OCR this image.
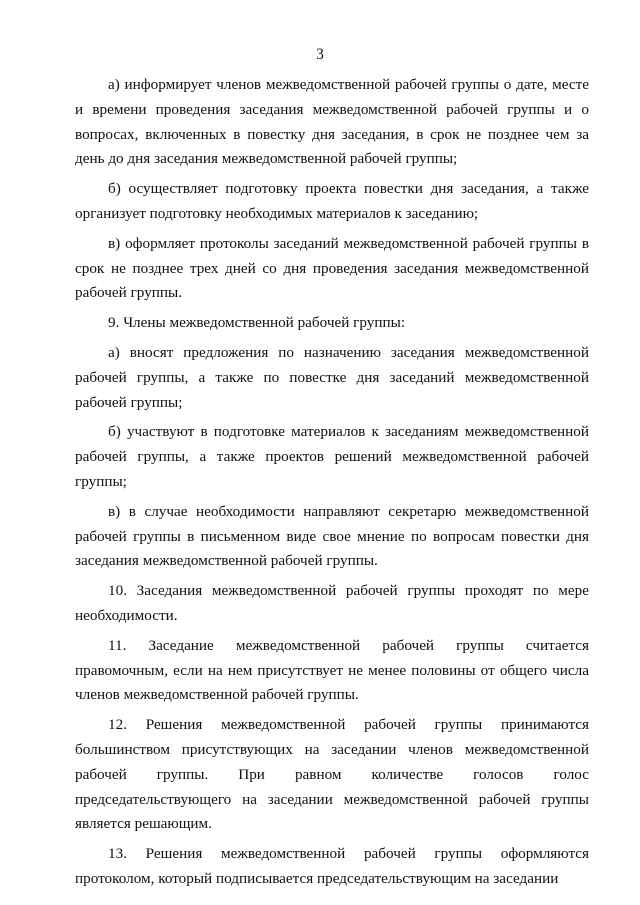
3

а) информирует членов межведомственной рабочей группы о дате, месте и времени проведения заседания межведомственной рабочей группы и о вопросах, включенных в повестку дня заседания, в срок не позднее чем за день до дня заседания межведомственной рабочей группы;

б) осуществляет подготовку проекта повестки дня заседания, а также организует подготовку необходимых материалов к заседанию;

в) оформляет протоколы заседаний межведомственной рабочей группы в срок не позднее трех дней со дня проведения заседания межведомственной рабочей группы.

9. Члены межведомственной рабочей группы:

а) вносят предложения по назначению заседания межведомственной рабочей группы, а также по повестке дня заседаний межведомственной рабочей группы;

б) участвуют в подготовке материалов к заседаниям межведомственной рабочей группы, а также проектов решений межведомственной рабочей группы;

в) в случае необходимости направляют секретарю межведомственной рабочей группы в письменном виде свое мнение по вопросам повестки дня заседания межведомственной рабочей группы.

10. Заседания межведомственной рабочей группы проходят по мере необходимости.

11. Заседание межведомственной рабочей группы считается правомочным, если на нем присутствует не менее половины от общего числа членов межведомственной рабочей группы.

12. Решения межведомственной рабочей группы принимаются большинством присутствующих на заседании членов межведомственной рабочей группы. При равном количестве голосов голос председательствующего на заседании межведомственной рабочей группы является решающим.

13. Решения межведомственной рабочей группы оформляются протоколом, который подписывается председательствующим на заседании
